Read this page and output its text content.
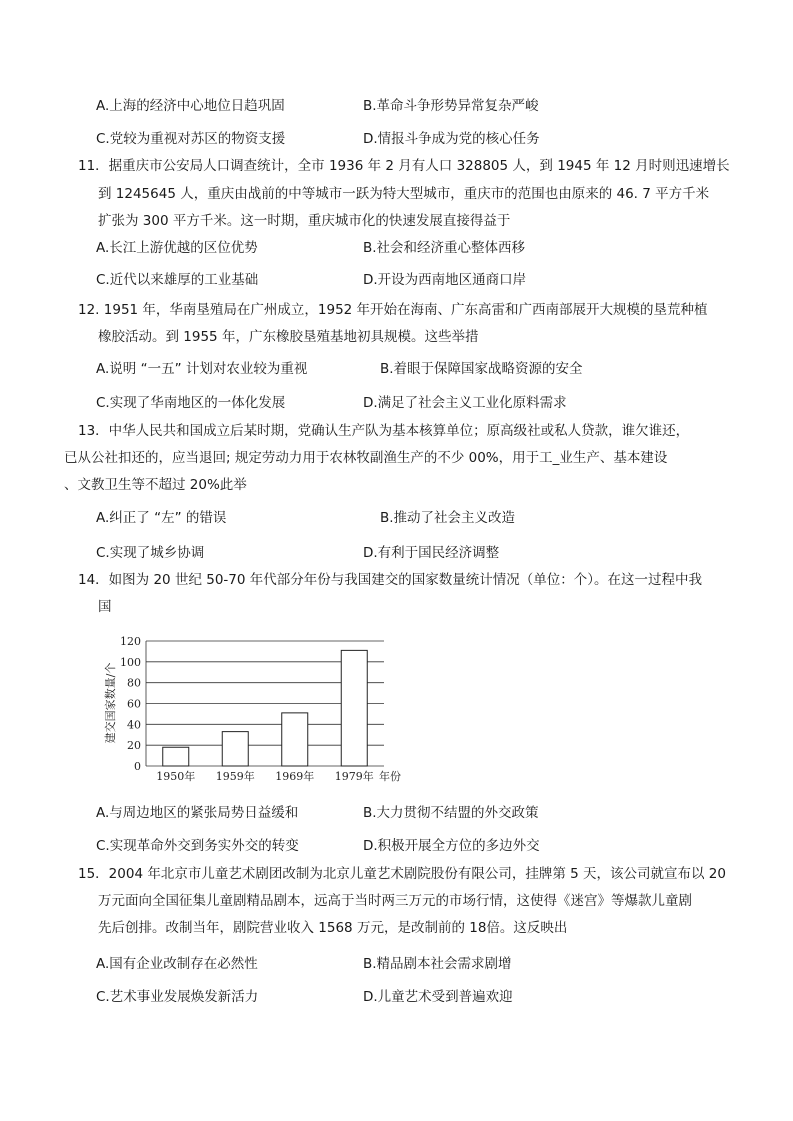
A.上海的经济中心地位日趋巩固	B.革命斗争形势异常复杂严峻
C.党较为重视对苏区的物资支援	D.情报斗争成为党的核心任务
11．据重庆市公安局人口调查统计，全市 1936 年 2 月有人口 328805 人，到 1945 年 12 月时则迅速增长
到 1245645 人，重庆由战前的中等城市一跃为特大型城市，重庆市的范围也由原来的 46. 7 平方千米
扩张为 300 平方千米。这一时期，重庆城市化的快速发展直接得益于
A.长江上游优越的区位优势	B.社会和经济重心整体西移
C.近代以来雄厚的工业基础	D.开设为西南地区通商口岸
12. 1951 年，华南垦殖局在广州成立，1952 年开始在海南、广东高雷和广西南部展开大规模的垦荒种植
橡胶活动。到 1955 年，广东橡胶垦殖基地初具规模。这些举措
A.说明 “一五” 计划对农业较为重视	B.着眼于保障国家战略资源的安全
C.实现了华南地区的一体化发展	D.满足了社会主义工业化原料需求
13．中华人民共和国成立后某时期，党确认生产队为基本核算单位；原高级社或私人贷款，谁欠谁还，
已从公社扣还的，应当退回; 规定劳动力用于农林牧副渔生产的不少 00%，用于工_业生产、基本建设
、文教卫生等不超过 20%此举
A.纠正了 “左” 的错误	B.推动了社会主义改造
C.实现了城乡协调	D.有利于国民经济调整
14．如图为 20 世纪 50-70 年代部分年份与我国建交的国家数量统计情况（单位：个）。在这一过程中我
国
0
20
40
60
80
100
120
1950年 1959年 1969年 1979年
建交国家数量/个
年份
A.与周边地区的紧张局势日益缓和	B.大力贯彻不结盟的外交政策
C.实现革命外交到务实外交的转变	D.积极开展全方位的多边外交
15．2004 年北京市儿童艺术剧团改制为北京儿童艺术剧院股份有限公司，挂牌第 5 天，该公司就宣布以 20
万元面向全国征集儿童剧精品剧本，远高于当时两三万元的市场行情，这使得《迷宫》等爆款儿童剧
先后创排。改制当年，剧院营业收入 1568 万元，是改制前的 18倍。这反映出
A.国有企业改制存在必然性	B.精品剧本社会需求剧增
C.艺术事业发展焕发新活力	D.儿童艺术受到普遍欢迎
